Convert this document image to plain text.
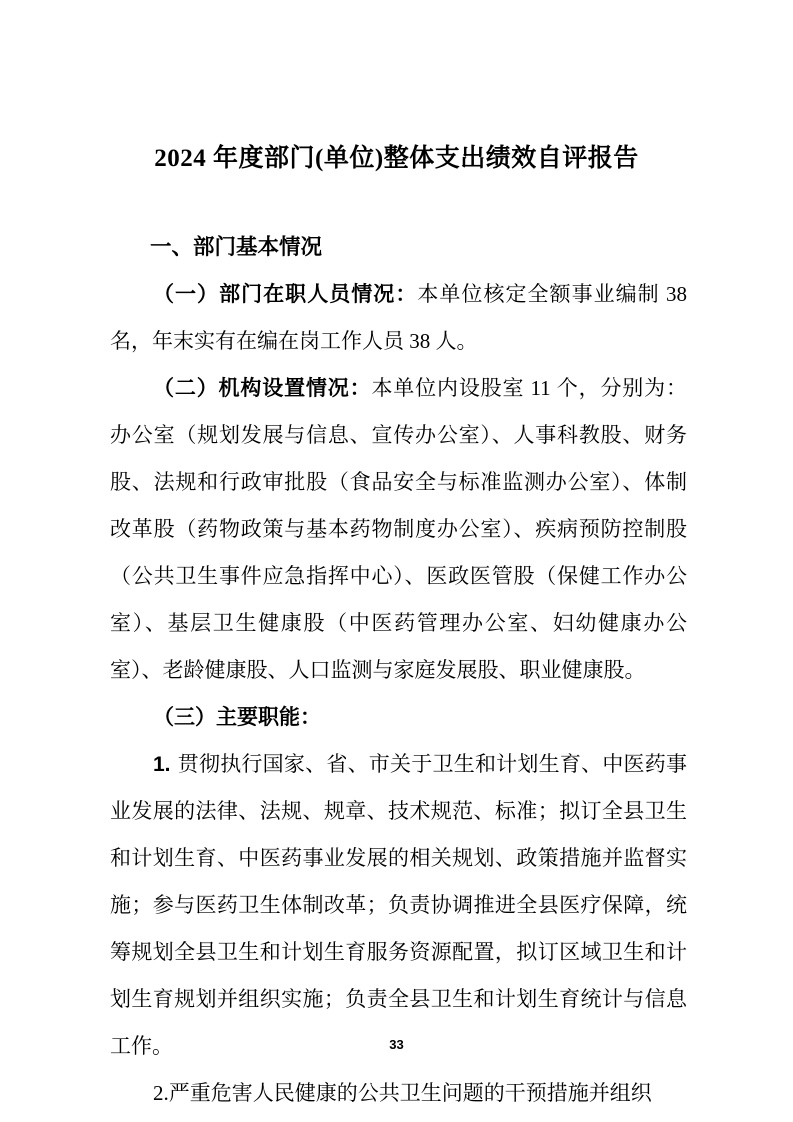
2024 年度部门(单位)整体支出绩效自评报告
一、部门基本情况

（一）部门在职人员情况：本单位核定全额事业编制 38 名，年末实有在编在岗工作人员 38 人。

（二）机构设置情况：本单位内设股室 11 个，分别为：办公室（规划发展与信息、宣传办公室）、人事科教股、财务股、法规和行政审批股（食品安全与标准监测办公室）、体制改革股（药物政策与基本药物制度办公室）、疾病预防控制股（公共卫生事件应急指挥中心）、医政医管股（保健工作办公室）、基层卫生健康股（中医药管理办公室、妇幼健康办公室）、老龄健康股、人口监测与家庭发展股、职业健康股。

（三）主要职能：

1. 贯彻执行国家、省、市关于卫生和计划生育、中医药事业发展的法律、法规、规章、技术规范、标准；拟订全县卫生和计划生育、中医药事业发展的相关规划、政策措施并监督实施；参与医药卫生体制改革；负责协调推进全县医疗保障，统筹规划全县卫生和计划生育服务资源配置，拟订区域卫生和计划生育规划并组织实施；负责全县卫生和计划生育统计与信息工作。

2.严重危害人民健康的公共卫生问题的干预措施并组织

33
